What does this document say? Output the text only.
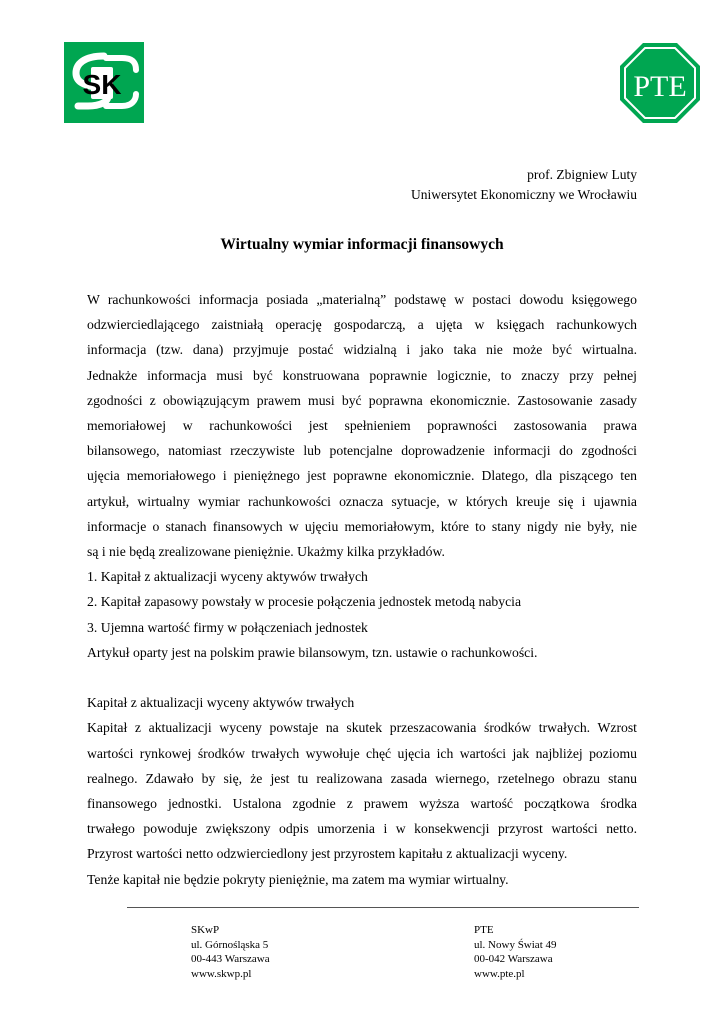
SK	PTE
prof. Zbigniew Luty
Uniwersytet Ekonomiczny we Wrocławiu
Wirtualny wymiar informacji finansowych

W rachunkowości informacja posiada „materialną” podstawę w postaci dowodu księgowego

odzwierciedlającego zaistniałą operację gospodarczą, a ujęta w księgach rachunkowych

informacja (tzw. dana) przyjmuje postać widzialną i jako taka nie może być wirtualna.

Jednakże informacja musi być konstruowana poprawnie logicznie, to znaczy przy pełnej

zgodności z obowiązującym prawem musi być poprawna ekonomicznie. Zastosowanie zasady

memoriałowej w rachunkowości jest spełnieniem poprawności zastosowania prawa

bilansowego, natomiast rzeczywiste lub potencjalne doprowadzenie informacji do zgodności

ujęcia memoriałowego i pieniężnego jest poprawne ekonomicznie. Dlatego, dla piszącego ten

artykuł, wirtualny wymiar rachunkowości oznacza sytuacje, w których kreuje się i ujawnia

informacje o stanach finansowych w ujęciu memoriałowym, które to stany nigdy nie były, nie

są i nie będą zrealizowane pieniężnie. Ukażmy kilka przykładów.

1. Kapitał z aktualizacji wyceny aktywów trwałych

2. Kapitał zapasowy powstały w procesie połączenia jednostek metodą nabycia

3. Ujemna wartość firmy w połączeniach jednostek

Artykuł oparty jest na polskim prawie bilansowym, tzn. ustawie o rachunkowości.

Kapitał z aktualizacji wyceny aktywów trwałych

Kapitał z aktualizacji wyceny powstaje na skutek przeszacowania środków trwałych. Wzrost

wartości rynkowej środków trwałych wywołuje chęć ujęcia ich wartości jak najbliżej poziomu

realnego. Zdawało by się, że jest tu realizowana zasada wiernego, rzetelnego obrazu stanu

finansowego jednostki. Ustalona zgodnie z prawem wyższa wartość początkowa środka

trwałego powoduje zwiększony odpis umorzenia i w konsekwencji przyrost wartości netto.

Przyrost wartości netto odzwierciedlony jest przyrostem kapitału z aktualizacji wyceny.

Tenże kapitał nie będzie pokryty pieniężnie, ma zatem ma wymiar wirtualny.

SKwP
ul. Górnośląska 5
00-443 Warszawa
www.skwp.pl
PTE
ul. Nowy Świat 49
00-042 Warszawa
www.pte.pl
